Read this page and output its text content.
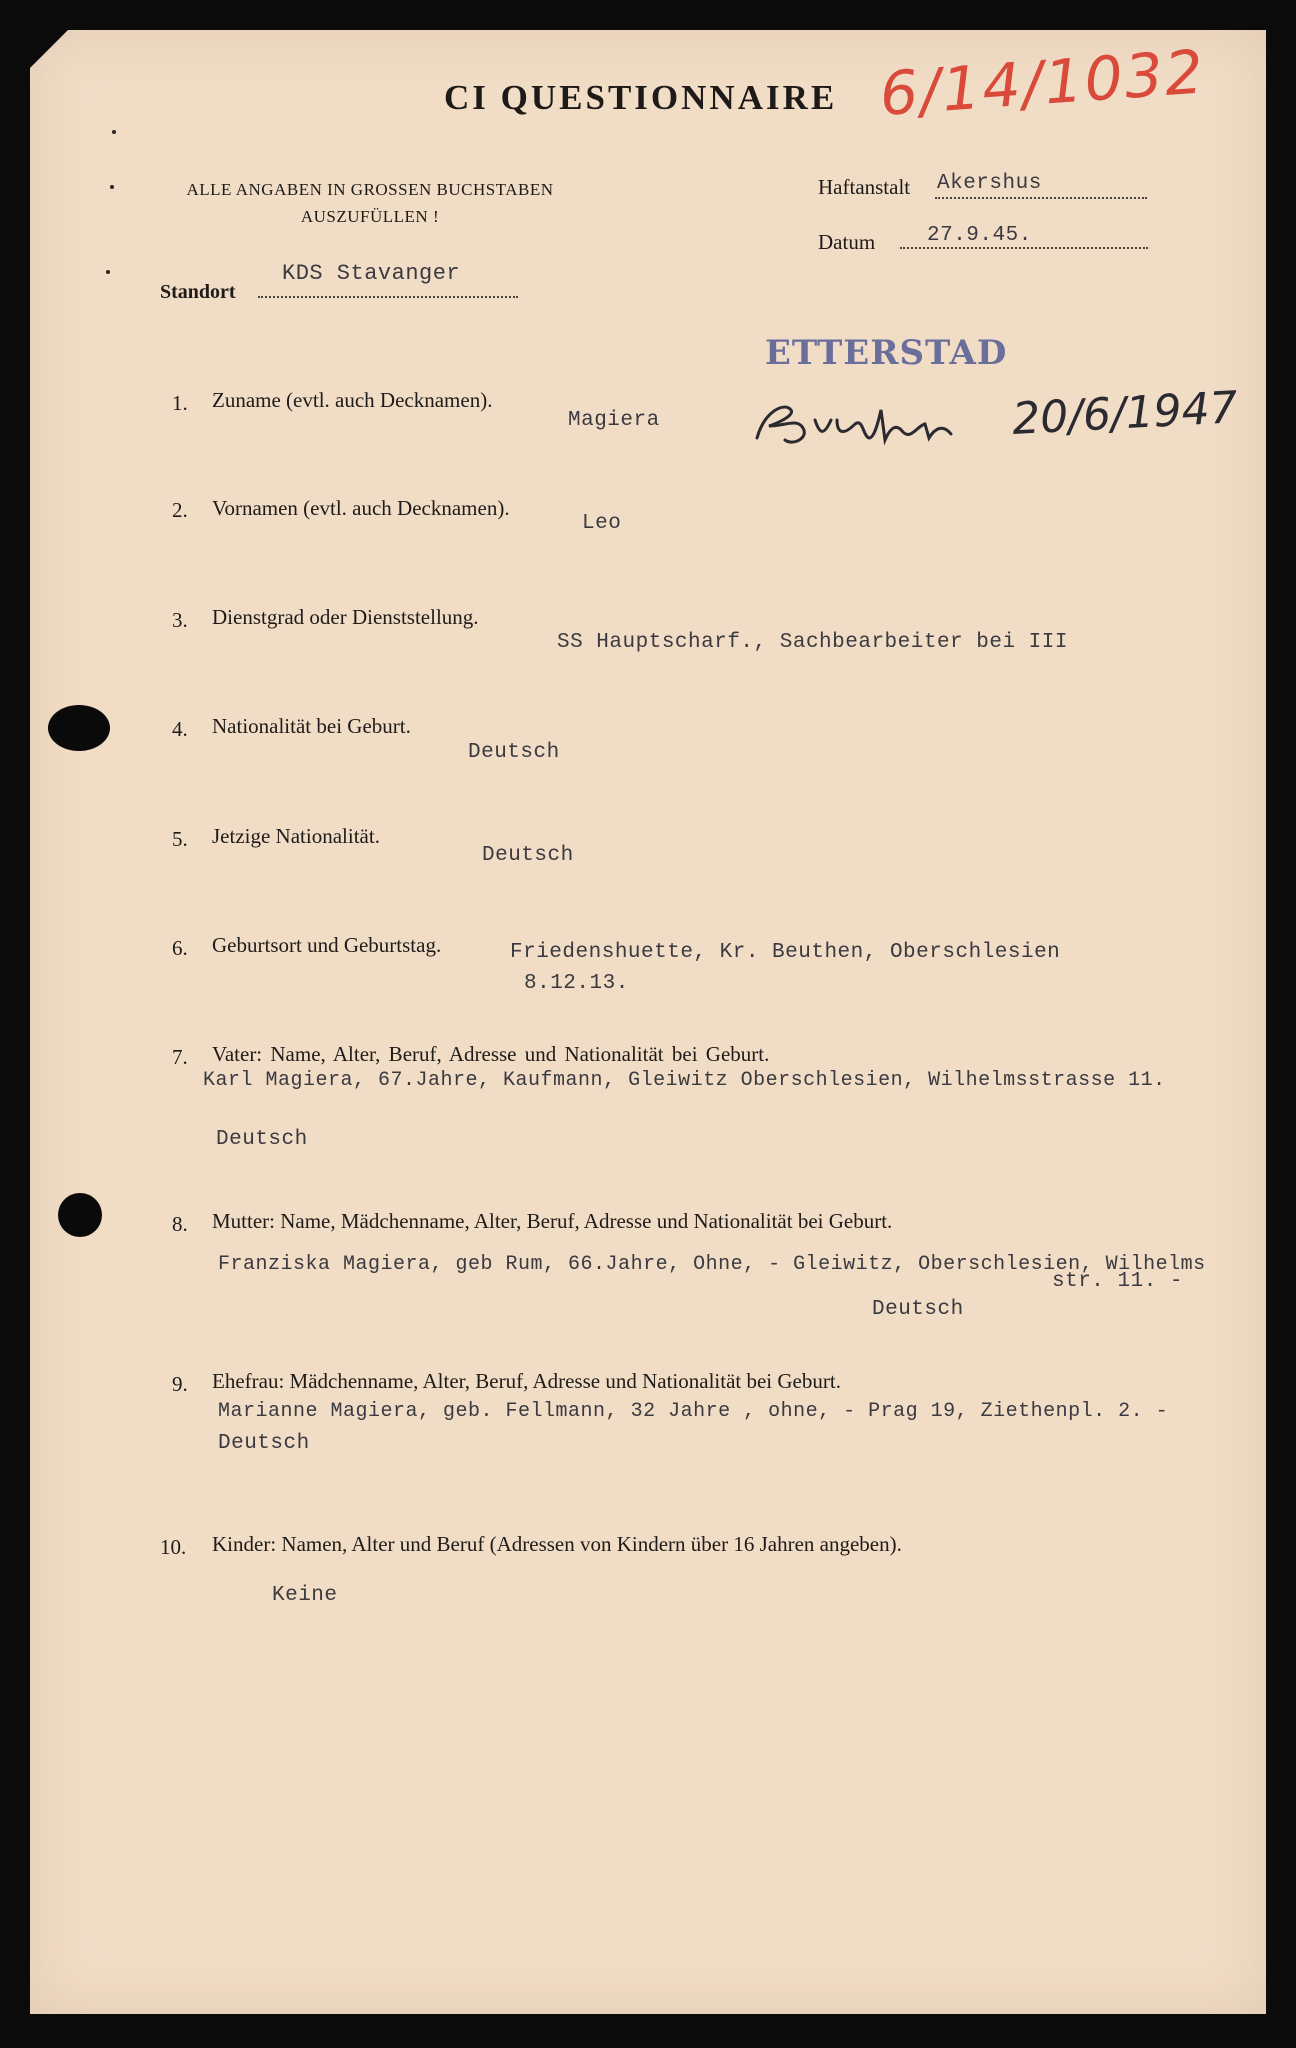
CI QUESTIONNAIRE 6/14/1032
ALLE ANGABEN IN GROSSEN BUCHSTABEN
AUSZUFÜLLEN !
Haftanstalt Akershus
Datum 27.9.45.
Standort
KDS Stavanger
ETTERSTAD
20/6/1947
1. Zuname (evtl. auch Decknamen).
Magiera
2. Vornamen (evtl. auch Decknamen).
Leo
3. Dienstgrad oder Dienststellung.
SS Hauptscharf., Sachbearbeiter bei III
4. Nationalität bei Geburt.
Deutsch
5. Jetzige Nationalität.
Deutsch
6. Geburtsort und Geburtstag.	Friedenshuette, Kr. Beuthen, Oberschlesien
8.12.13.
7. Vater: Name, Alter, Beruf, Adresse und Nationalität bei Geburt.
Karl Magiera, 67.Jahre, Kaufmann, Gleiwitz Oberschlesien, Wilhelmsstrasse 11.
Deutsch
8. Mutter: Name, Mädchenname, Alter, Beruf, Adresse und Nationalität bei Geburt.
Franziska Magiera, geb Rum, 66.Jahre, Ohne, - Gleiwitz, Oberschlesien, Wilhelms
str. 11. -
Deutsch
9. Ehefrau: Mädchenname, Alter, Beruf, Adresse und Nationalität bei Geburt.
Marianne Magiera, geb. Fellmann, 32 Jahre , ohne, - Prag 19, Ziethenpl. 2. -
Deutsch
10. Kinder: Namen, Alter und Beruf (Adressen von Kindern über 16 Jahren angeben).
Keine
